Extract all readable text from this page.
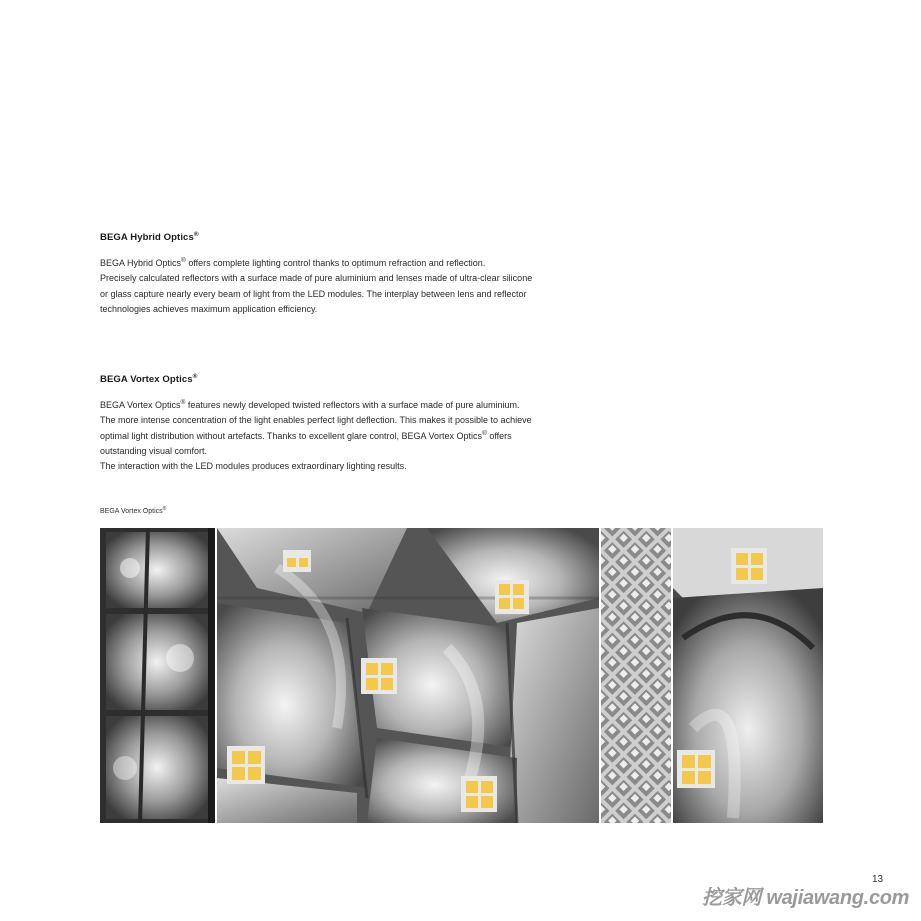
BEGA Hybrid Optics®

BEGA Hybrid Optics® offers complete lighting control thanks to optimum refraction and reflection.
Precisely calculated reflectors with a surface made of pure aluminium and lenses made of ultra-clear silicone
or glass capture nearly every beam of light from the LED modules. The interplay between lens and reflector
technologies achieves maximum application efficiency.

BEGA Vortex Optics®

BEGA Vortex Optics® features newly developed twisted reflectors with a surface made of pure aluminium.
The more intense concentration of the light enables perfect light deflection. This makes it possible to achieve
optimal light distribution without artefacts. Thanks to excellent glare control, BEGA Vortex Optics® offers
outstanding visual comfort.
The interaction with the LED modules produces extraordinary lighting results.

BEGA Vortex Optics®
13
挖家网 wajiawang.com
